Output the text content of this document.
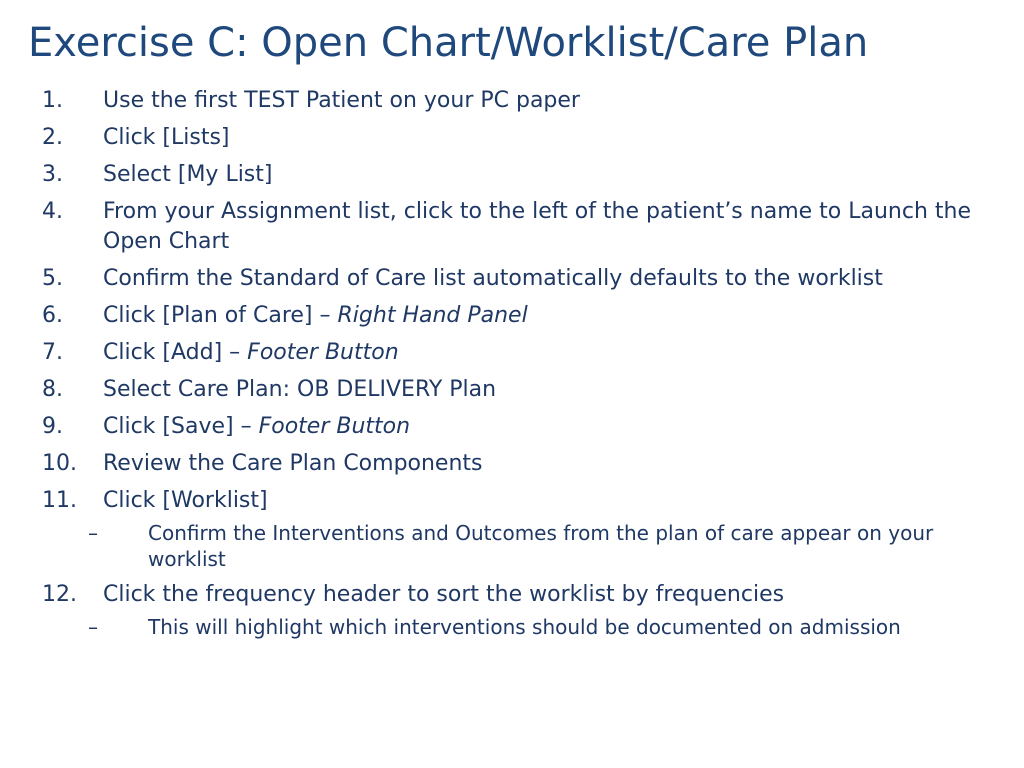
Exercise C: Open Chart/Worklist/Care Plan
1.	Use the first TEST Patient on your PC paper
2.	Click [Lists]
3.	Select [My List]
4.	From your Assignment list, click to the left of the patient’s name to Launch the Open Chart
5.	Confirm the Standard of Care list automatically defaults to the worklist
6.	Click [Plan of Care] – Right Hand Panel
7.	Click [Add] – Footer Button
8.	Select Care Plan: OB DELIVERY Plan
9.	Click [Save] – Footer Button
10.	Review the Care Plan Components
11.	Click [Worklist]
–	Confirm the Interventions and Outcomes from the plan of care appear on your worklist
12.	Click the frequency header to sort the worklist by frequencies
–	This will highlight which interventions should be documented on admission
